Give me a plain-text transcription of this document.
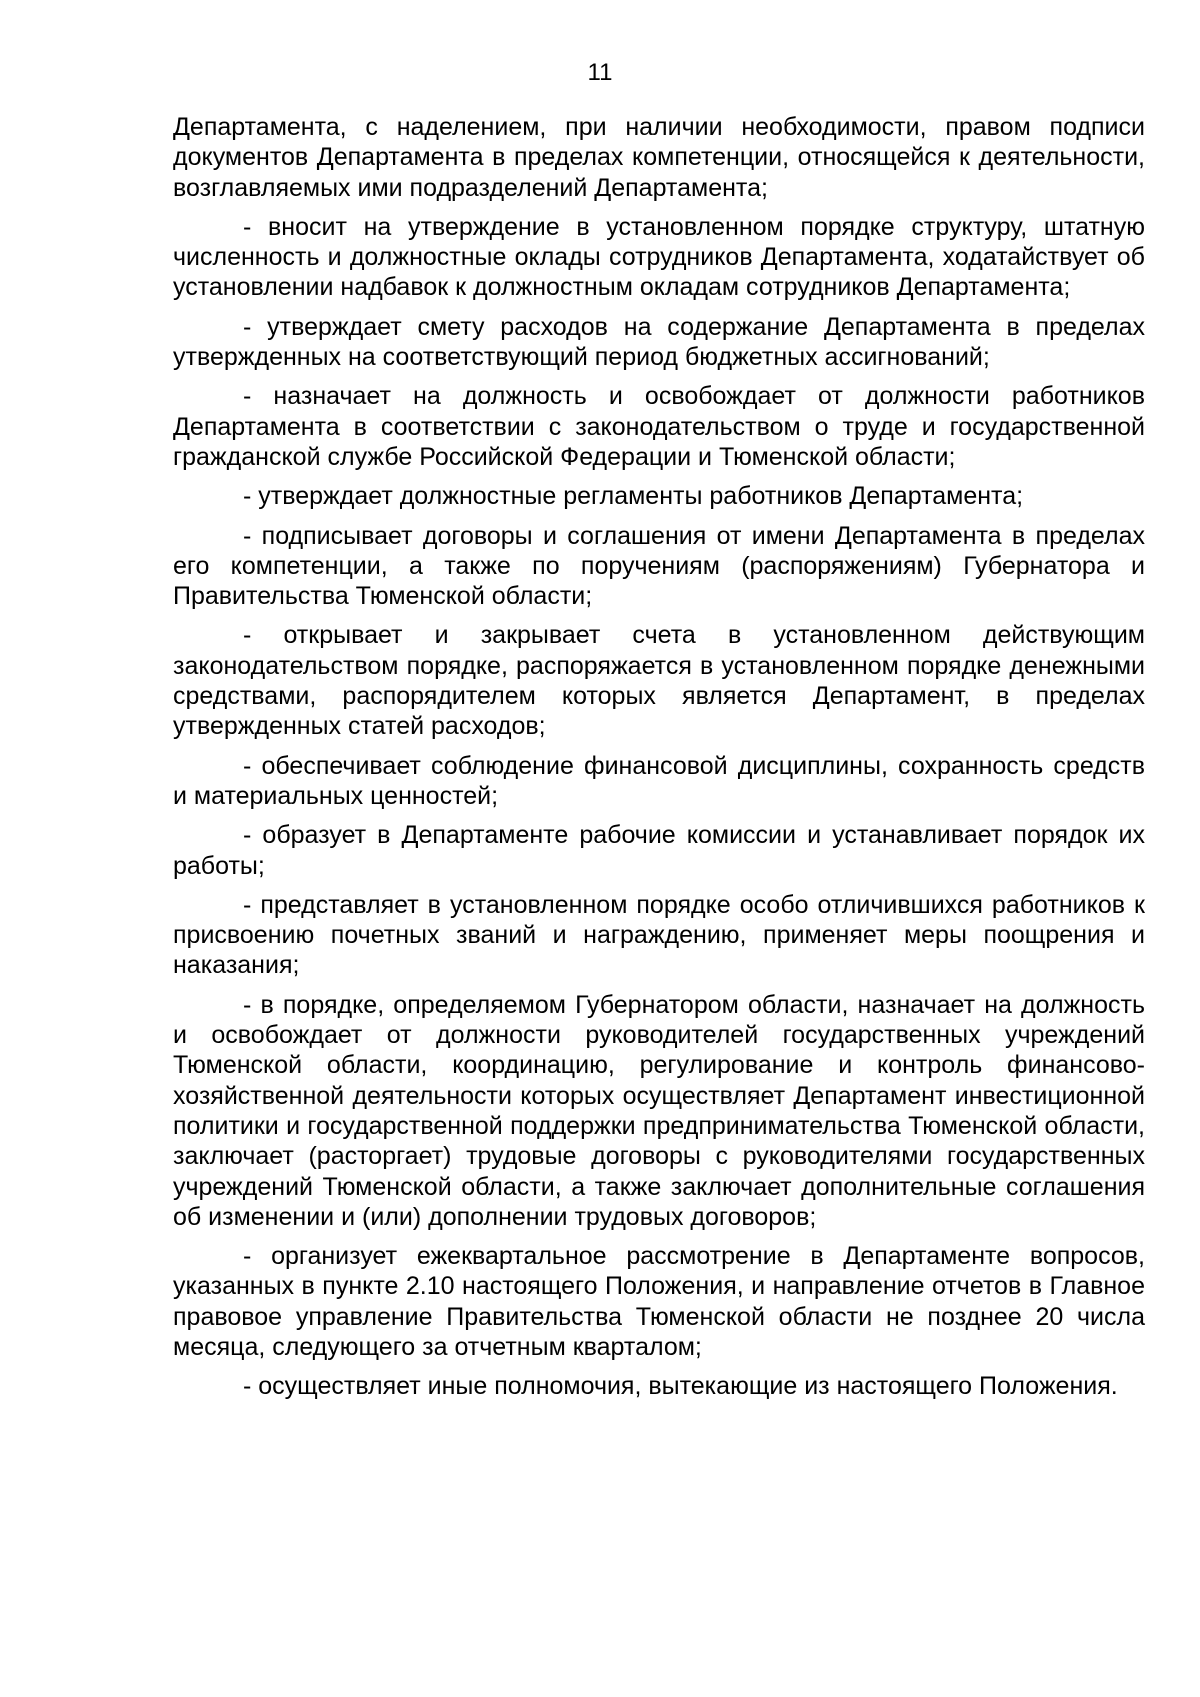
11

Департамента, с наделением, при наличии необходимости, правом подписи документов Департамента в пределах компетенции, относящейся к деятельности, возглавляемых ими подразделений Департамента;

- вносит на утверждение в установленном порядке структуру, штатную численность и должностные оклады сотрудников Департамента, ходатайствует об установлении надбавок к должностным окладам сотрудников Департамента;

- утверждает смету расходов на содержание Департамента в пределах утвержденных на соответствующий период бюджетных ассигнований;

- назначает на должность и освобождает от должности работников Департамента в соответствии с законодательством о труде и государственной гражданской службе Российской Федерации и Тюменской области;

- утверждает должностные регламенты работников Департамента;

- подписывает договоры и соглашения от имени Департамента в пределах его компетенции, а также по поручениям (распоряжениям) Губернатора и Правительства Тюменской области;

- открывает и закрывает счета в установленном действующим законодательством порядке, распоряжается в установленном порядке денежными средствами, распорядителем которых является Департамент, в пределах утвержденных статей расходов;

- обеспечивает соблюдение финансовой дисциплины, сохранность средств и материальных ценностей;

- образует в Департаменте рабочие комиссии и устанавливает порядок их работы;

- представляет в установленном порядке особо отличившихся работников к присвоению почетных званий и награждению, применяет меры поощрения и наказания;

- в порядке, определяемом Губернатором области, назначает на должность и освобождает от должности руководителей государственных учреждений Тюменской области, координацию, регулирование и контроль финансово-хозяйственной деятельности которых осуществляет Департамент инвестиционной политики и государственной поддержки предпринимательства Тюменской области, заключает (расторгает) трудовые договоры с руководителями государственных учреждений Тюменской области, а также заключает дополнительные соглашения об изменении и (или) дополнении трудовых договоров;

- организует ежеквартальное рассмотрение в Департаменте вопросов, указанных в пункте 2.10 настоящего Положения, и направление отчетов в Главное правовое управление Правительства Тюменской области не позднее 20 числа месяца, следующего за отчетным кварталом;

- осуществляет иные полномочия, вытекающие из настоящего Положения.
